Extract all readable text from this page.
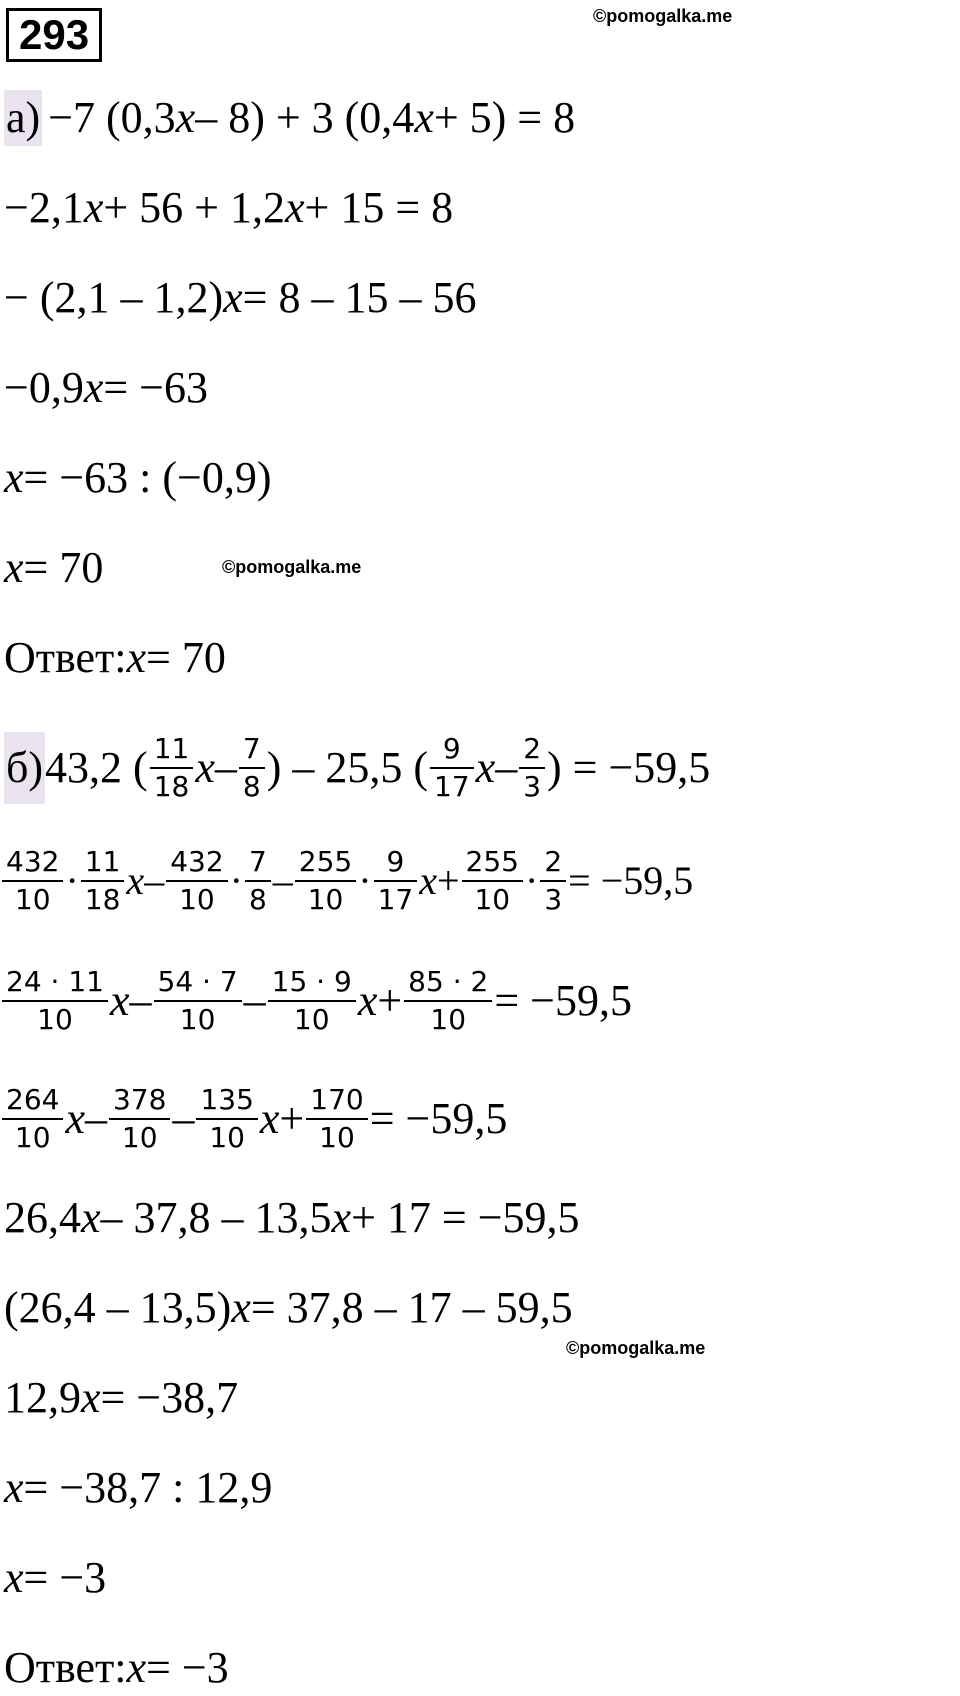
293	©pomogalka.me
а) −7 (0,3 x – 8) + 3 (0,4 x + 5) = 8
−2,1 x + 56 + 1,2 x + 15 = 8
− (2,1 – 1,2) x = 8 – 15 – 56
−0,9 x = −63
x = −63 : (−0,9)
x = 70	©pomogalka.me
Ответ: x = 70
б) 43,2 ( $\frac{11}{18}$ x – $\frac{7}{8}$ ) – 25,5 ( $\frac{9}{17}$ x – $\frac{2}{3}$ ) = −59,5
$\frac{432}{10} \cdot \frac{11}{18}$ $x - \frac{432}{10} \cdot \frac{7}{8} - \frac{255}{10} \cdot \frac{9}{17}$ $x + \frac{255}{10} \cdot \frac{2}{3} = -59,5$
$\frac{24 \cdot 11}{10}$ x – $\frac{54 \cdot 7}{10} - \frac{15 \cdot 9}{10}$ $x + \frac{85 \cdot 2}{10} = -59,5$
$\frac{264}{10}$ x – $\frac{378}{10} - \frac{135}{10}$ $x + \frac{170}{10} = -59,5$
26,4 x – 37,8 – 13,5 x + 17 = −59,5
(26,4 – 13,5) x = 37,8 – 17 – 59,5
©pomogalka.me
12,9 x = −38,7
x = −38,7 : 12,9
x = −3
Ответ: x = −3
